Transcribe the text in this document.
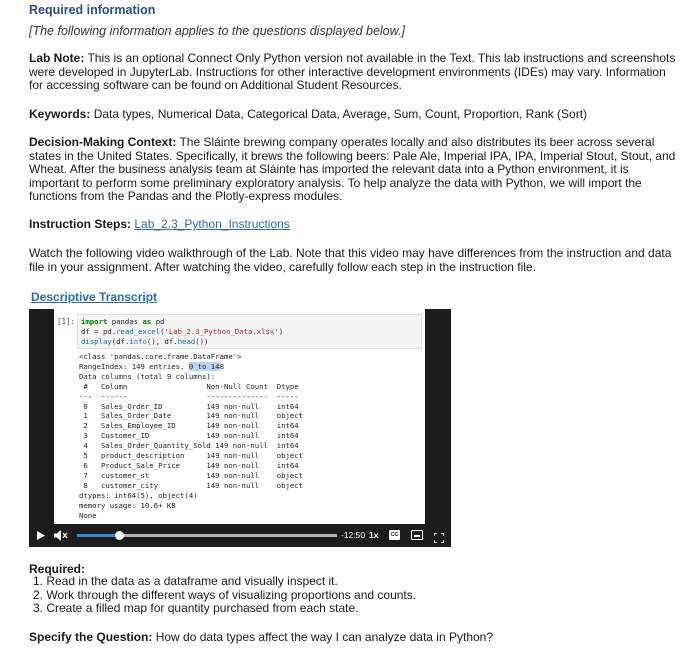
Required information
[The following information applies to the questions displayed below.]
Lab Note: This is an optional Connect Only Python version not available in the Text. This lab instructions and screenshots were developed in JupyterLab. Instructions for other interactive development environments (IDEs) may vary. Information for accessing software can be found on Additional Student Resources.
Keywords: Data types, Numerical Data, Categorical Data, Average, Sum, Count, Proportion, Rank (Sort)
Decision-Making Context: The Sláinte brewing company operates locally and also distributes its beer across several states in the United States. Specifically, it brews the following beers: Pale Ale, Imperial IPA, IPA, Imperial Stout, Stout, and Wheat. After the business analysis team at Sláinte has imported the relevant data into a Python environment, it is important to perform some preliminary exploratory analysis. To help analyze the data with Python, we will import the functions from the Pandas and the Plotly-express modules.
Instruction Steps: Lab_2.3_Python_Instructions
Watch the following video walkthrough of the Lab. Note that this video may have differences from the instruction and data file in your assignment. After watching the video, carefully follow each step in the instruction file.
Descriptive Transcript
[1]: import pandas as pd
df = pd.read_excel('Lab_2.3_Python_Data.xlsx')
display(df.info(), df.head())
<class 'pandas.core.frame.DataFrame'>
RangeIndex: 149 entries, 0 to 148
Data columns (total 9 columns):
#   Column                  Non-Null Count  Dtype
---  ------                  --------------  -----
0   Sales_Order_ID          149 non-null    int64
1   Sales_Order_Date        149 non-null    object
2   Sales_Employee_ID       149 non-null    int64
3   Customer_ID             149 non-null    int64
4   Sales_Order_Quantity_Sold 149 non-null  int64
5   product_description     149 non-null    object
6   Product_Sale_Price      149 non-null    int64
7   customer_st             149 non-null    object
8   customer_city           149 non-null    object
dtypes: int64(5), object(4)
memory usage: 10.6+ KB
None
-12:50 1x	CC
Required:
1. Read in the data as a dataframe and visually inspect it.
2. Work through the different ways of visualizing proportions and counts.
3. Create a filled map for quantity purchased from each state.
Specify the Question: How do data types affect the way I can analyze data in Python?
